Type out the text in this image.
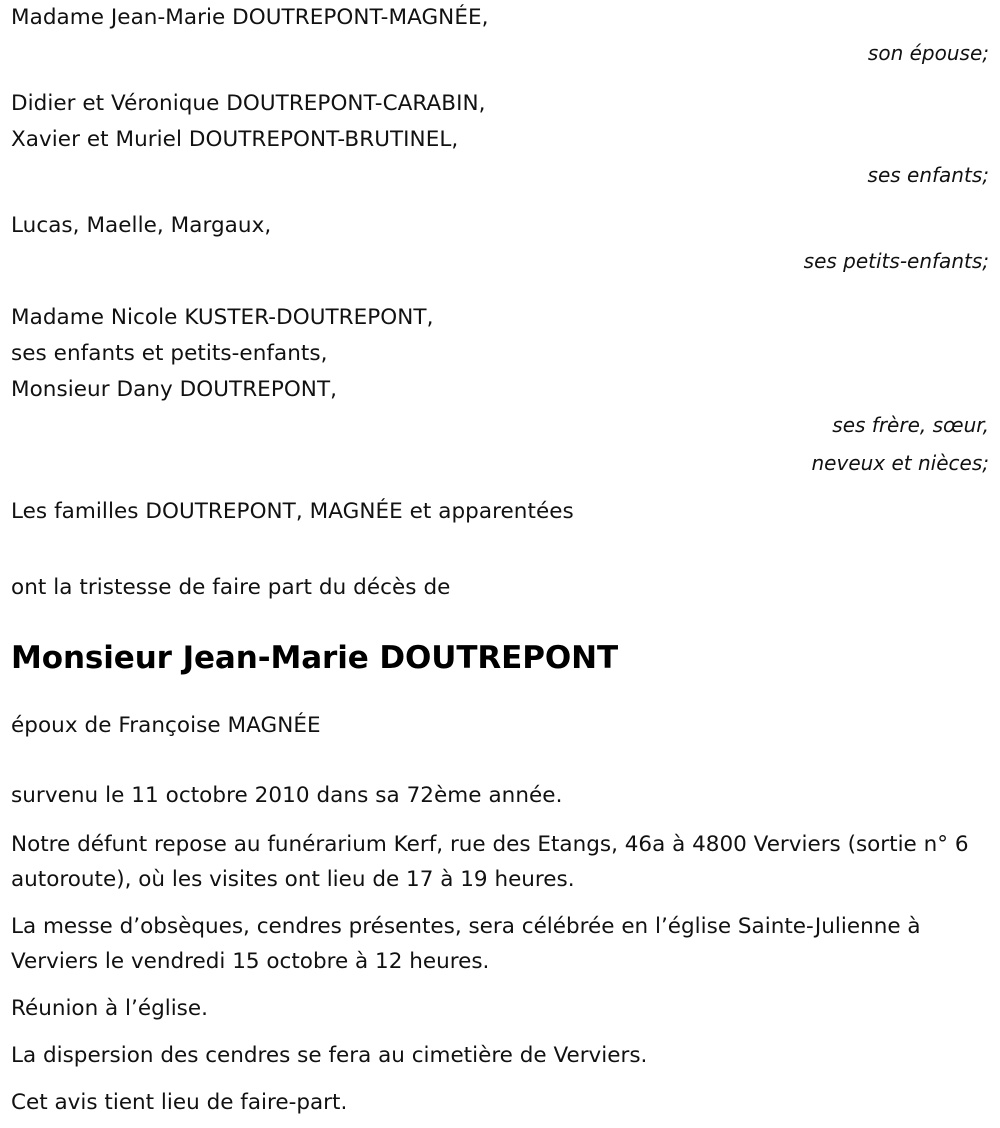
Madame Jean-Marie DOUTREPONT-MAGNÉE,
son épouse;
Didier et Véronique DOUTREPONT-CARABIN,
Xavier et Muriel DOUTREPONT-BRUTINEL,
ses enfants;
Lucas, Maelle, Margaux,
ses petits-enfants;
Madame Nicole KUSTER-DOUTREPONT,
ses enfants et petits-enfants,
Monsieur Dany DOUTREPONT,
ses frère, sœur,
neveux et nièces;
Les familles DOUTREPONT, MAGNÉE et apparentées
ont la tristesse de faire part du décès de
Monsieur Jean-Marie DOUTREPONT
époux de Françoise MAGNÉE
survenu le 11 octobre 2010 dans sa 72ème année.
Notre défunt repose au funérarium Kerf, rue des Etangs, 46a à 4800 Verviers (sortie n° 6 autoroute), où les visites ont lieu de 17 à 19 heures.
La messe d’obsèques, cendres présentes, sera célébrée en l’église Sainte-Julienne à Verviers le vendredi 15 octobre à 12 heures.
Réunion à l’église.
La dispersion des cendres se fera au cimetière de Verviers.
Cet avis tient lieu de faire-part.
